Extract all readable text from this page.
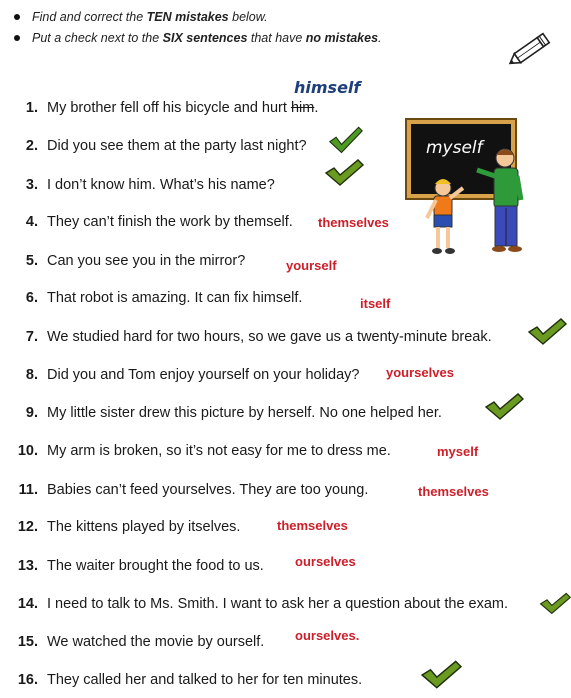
Find and correct the TEN mistakes below.
Put a check next to the SIX sentences that have no mistakes.
myself
himself
1. My brother fell off his bicycle and hurt him.
2. Did you see them at the party last night?
3. I don’t know him. What’s his name?
4. They can’t finish the work by themself. themselves
5. Can you see you in the mirror?	yourself
6. That robot is amazing. It can fix himself.	itself
7. We studied hard for two hours, so we gave us a twenty-minute break.
8. Did you and Tom enjoy yourself on your holiday? yourselves
9. My little sister drew this picture by herself. No one helped her.
10. My arm is broken, so it’s not easy for me to dress me.	myself
11. Babies can’t feed yourselves. They are too young.	themselves
12. The kittens played by itselves.	themselves
13. The waiter brought the food to us. ourselves
14. I need to talk to Ms. Smith. I want to ask her a question about the exam.
15. We watched the movie by ourself. ourselves.
16. They called her and talked to her for ten minutes.
